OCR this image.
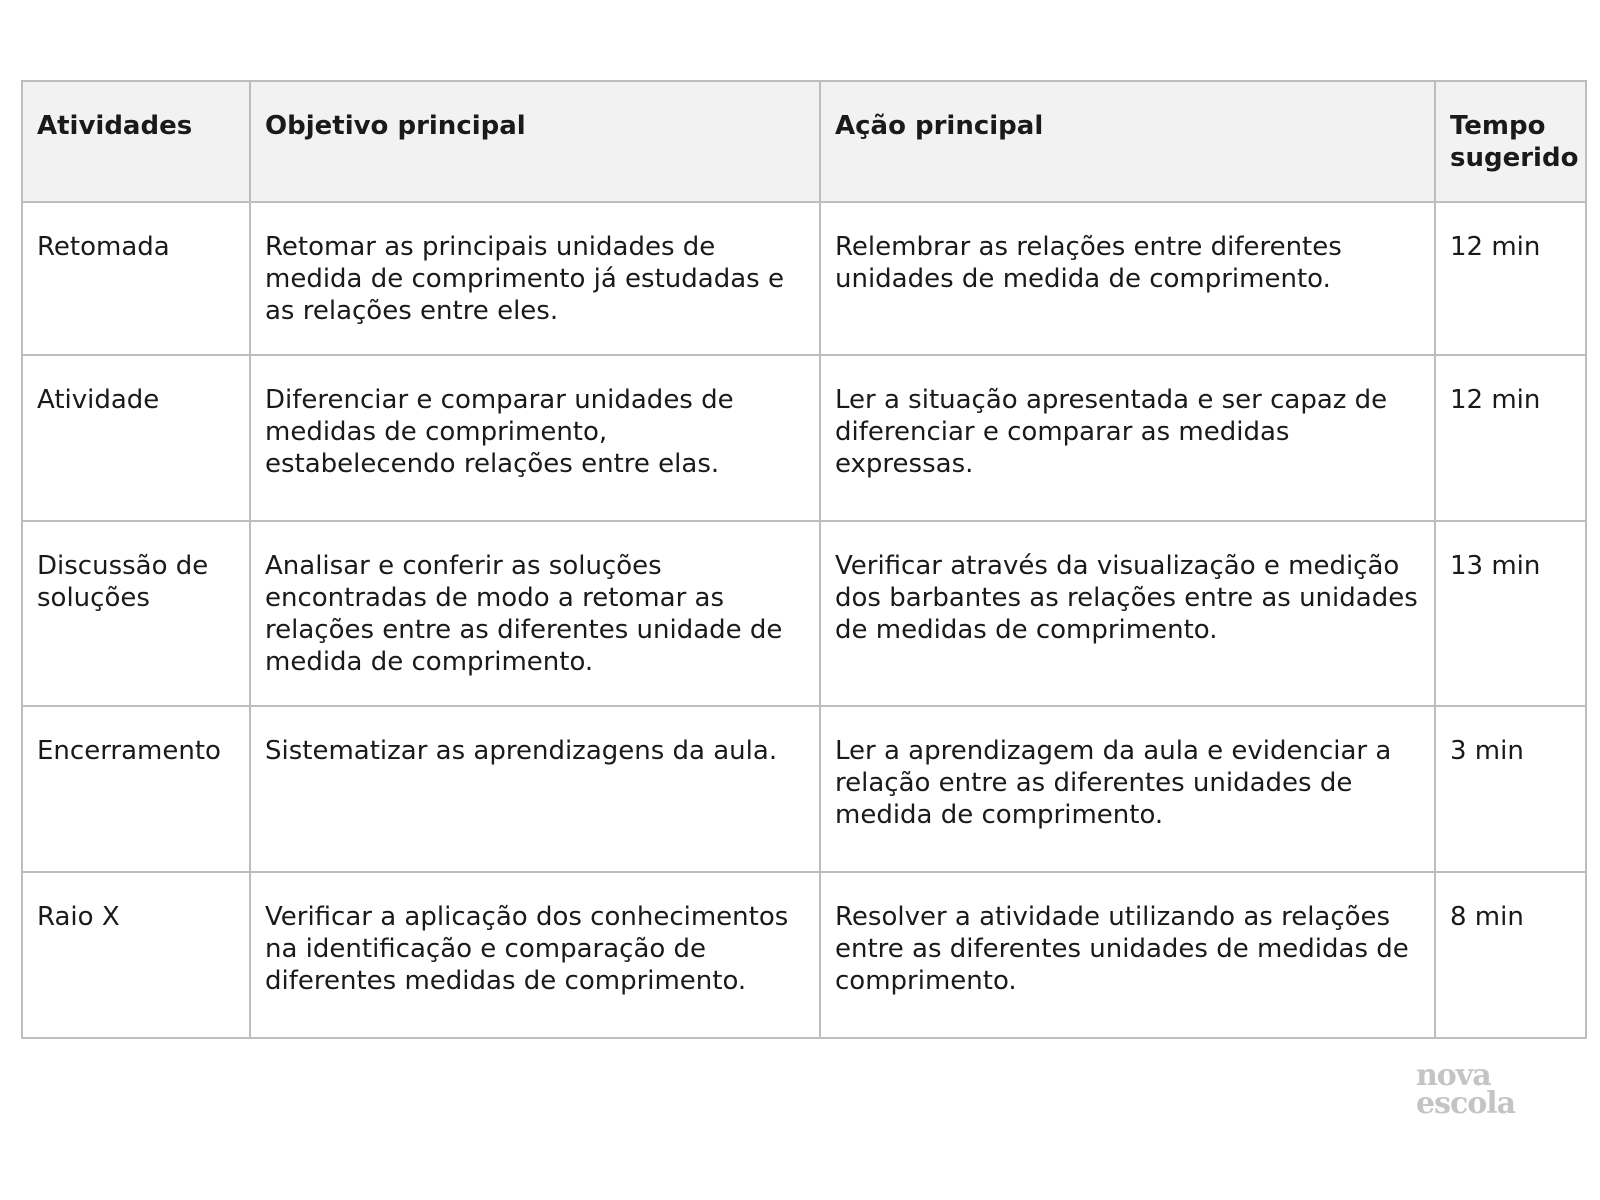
Atividades	Objetivo principal	Ação principal	Tempo sugerido
Retomada	Retomar as principais unidades de medida de comprimento já estudadas e as relações entre eles.	Relembrar as relações entre diferentes unidades de medida de comprimento.	12 min
Atividade	Diferenciar e comparar unidades de medidas de comprimento, estabelecendo relações entre elas.	Ler a situação apresentada e ser capaz de diferenciar e comparar as medidas expressas.	12 min
Discussão de soluções	Analisar e conferir as soluções encontradas de modo a retomar as relações entre as diferentes unidade de medida de comprimento.	Verificar através da visualização e medição dos barbantes as relações entre as unidades de medidas de comprimento.	13 min
Encerramento	Sistematizar as aprendizagens da aula.	Ler a aprendizagem da aula e evidenciar a relação entre as diferentes unidades de medida de comprimento.	3 min
Raio X	Verificar a aplicação dos conhecimentos na identificação e comparação de diferentes medidas de comprimento.	Resolver a atividade utilizando as relações entre as diferentes unidades de medidas de comprimento.	8 min
nova
escola
